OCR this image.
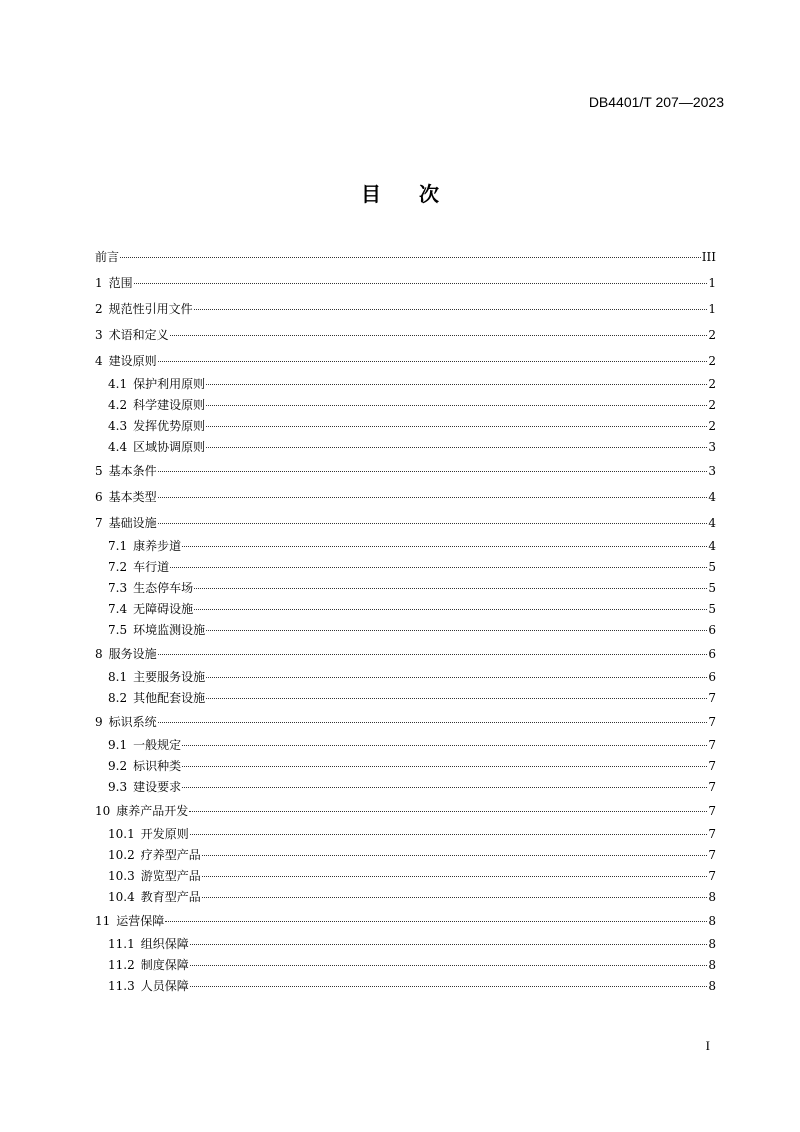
DB4401/T 207—2023
目 次
前言	III
1 范围	1
2 规范性引用文件	1
3 术语和定义	2
4 建设原则	2
4.1 保护利用原则	2
4.2 科学建设原则	2
4.3 发挥优势原则	2
4.4 区域协调原则	3
5 基本条件	3
6 基本类型	4
7 基础设施	4
7.1 康养步道	4
7.2 车行道	5
7.3 生态停车场	5
7.4 无障碍设施	5
7.5 环境监测设施	6
8 服务设施	6
8.1 主要服务设施	6
8.2 其他配套设施	7
9 标识系统	7
9.1 一般规定	7
9.2 标识种类	7
9.3 建设要求	7
10 康养产品开发	7
10.1 开发原则	7
10.2 疗养型产品	7
10.3 游览型产品	7
10.4 教育型产品	8
11 运营保障	8
11.1 组织保障	8
11.2 制度保障	8
11.3 人员保障	8
I
